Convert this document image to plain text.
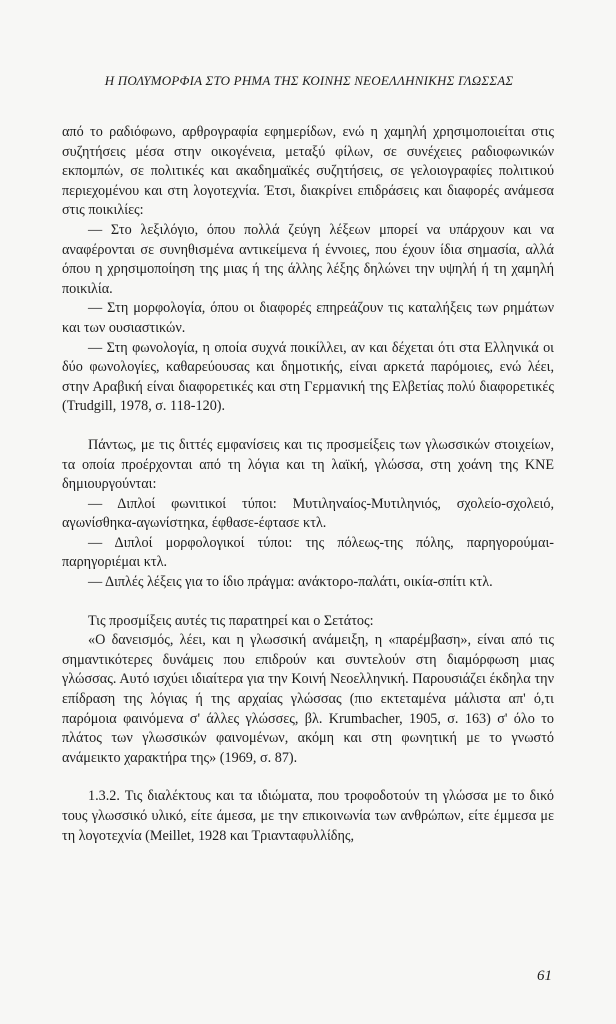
Η ΠΟΛΥΜΟΡΦΙΑ ΣΤΟ ΡΗΜΑ ΤΗΣ ΚΟΙΝΗΣ ΝΕΟΕΛΛΗΝΙΚΗΣ ΓΛΩΣΣΑΣ

από το ραδιόφωνο, αρθρογραφία εφημερίδων, ενώ η χαμηλή χρησιμοποιείται στις συζητήσεις μέσα στην οικογένεια, μεταξύ φίλων, σε συνέχειες ραδιοφωνικών εκπομπών, σε πολιτικές και ακαδημαϊκές συζητήσεις, σε γελοιογραφίες πολιτικού περιεχομένου και στη λογοτεχνία. Έτσι, διακρίνει επιδράσεις και διαφορές ανάμεσα στις ποικιλίες:

— Στο λεξιλόγιο, όπου πολλά ζεύγη λέξεων μπορεί να υπάρχουν και να αναφέρονται σε συνηθισμένα αντικείμενα ή έννοιες, που έχουν ίδια σημασία, αλλά όπου η χρησιμοποίηση της μιας ή της άλλης λέξης δηλώνει την υψηλή ή τη χαμηλή ποικιλία.

— Στη μορφολογία, όπου οι διαφορές επηρεάζουν τις καταλήξεις των ρημάτων και των ουσιαστικών.

— Στη φωνολογία, η οποία συχνά ποικίλλει, αν και δέχεται ότι στα Ελληνικά οι δύο φωνολογίες, καθαρεύουσας και δημοτικής, είναι αρκετά παρόμοιες, ενώ λέει, στην Αραβική είναι διαφορετικές και στη Γερμανική της Ελβετίας πολύ διαφορετικές (Trudgill, 1978, σ. 118-120).

Πάντως, με τις διττές εμφανίσεις και τις προσμείξεις των γλωσσικών στοιχείων, τα οποία προέρχονται από τη λόγια και τη λαϊκή, γλώσσα, στη χοάνη της ΚΝΕ δημιουργούνται:

— Διπλοί φωνιτικοί τύποι: Μυτιληναίος-Μυτιληνιός, σχολείο-σχολειό, αγωνίσθηκα-αγωνίστηκα, έφθασε-έφτασε κτλ.

— Διπλοί μορφολογικοί τύποι: της πόλεως-της πόλης, παρηγορούμαι-παρηγοριέμαι κτλ.

— Διπλές λέξεις για το ίδιο πράγμα: ανάκτορο-παλάτι, οικία-σπίτι κτλ.

Τις προσμίξεις αυτές τις παρατηρεί και ο Σετάτος:

«Ο δανεισμός, λέει, και η γλωσσική ανάμειξη, η «παρέμβαση», είναι από τις σημαντικότερες δυνάμεις που επιδρούν και συντελούν στη διαμόρφωση μιας γλώσσας. Αυτό ισχύει ιδιαίτερα για την Κοινή Νεοελληνική. Παρουσιάζει έκδηλα την επίδραση της λόγιας ή της αρχαίας γλώσσας (πιο εκτεταμένα μάλιστα απ' ό,τι παρόμοια φαινόμενα σ' άλλες γλώσσες, βλ. Krumbacher, 1905, σ. 163) σ' όλο το πλάτος των γλωσσικών φαινομένων, ακόμη και στη φωνητική με το γνωστό ανάμεικτο χαρακτήρα της» (1969, σ. 87).

1.3.2. Τις διαλέκτους και τα ιδιώματα, που τροφοδοτούν τη γλώσσα με το δικό τους γλωσσικό υλικό, είτε άμεσα, με την επικοινωνία των ανθρώπων, είτε έμμεσα με τη λογοτεχνία (Meillet, 1928 και Τριανταφυλλίδης,

61
